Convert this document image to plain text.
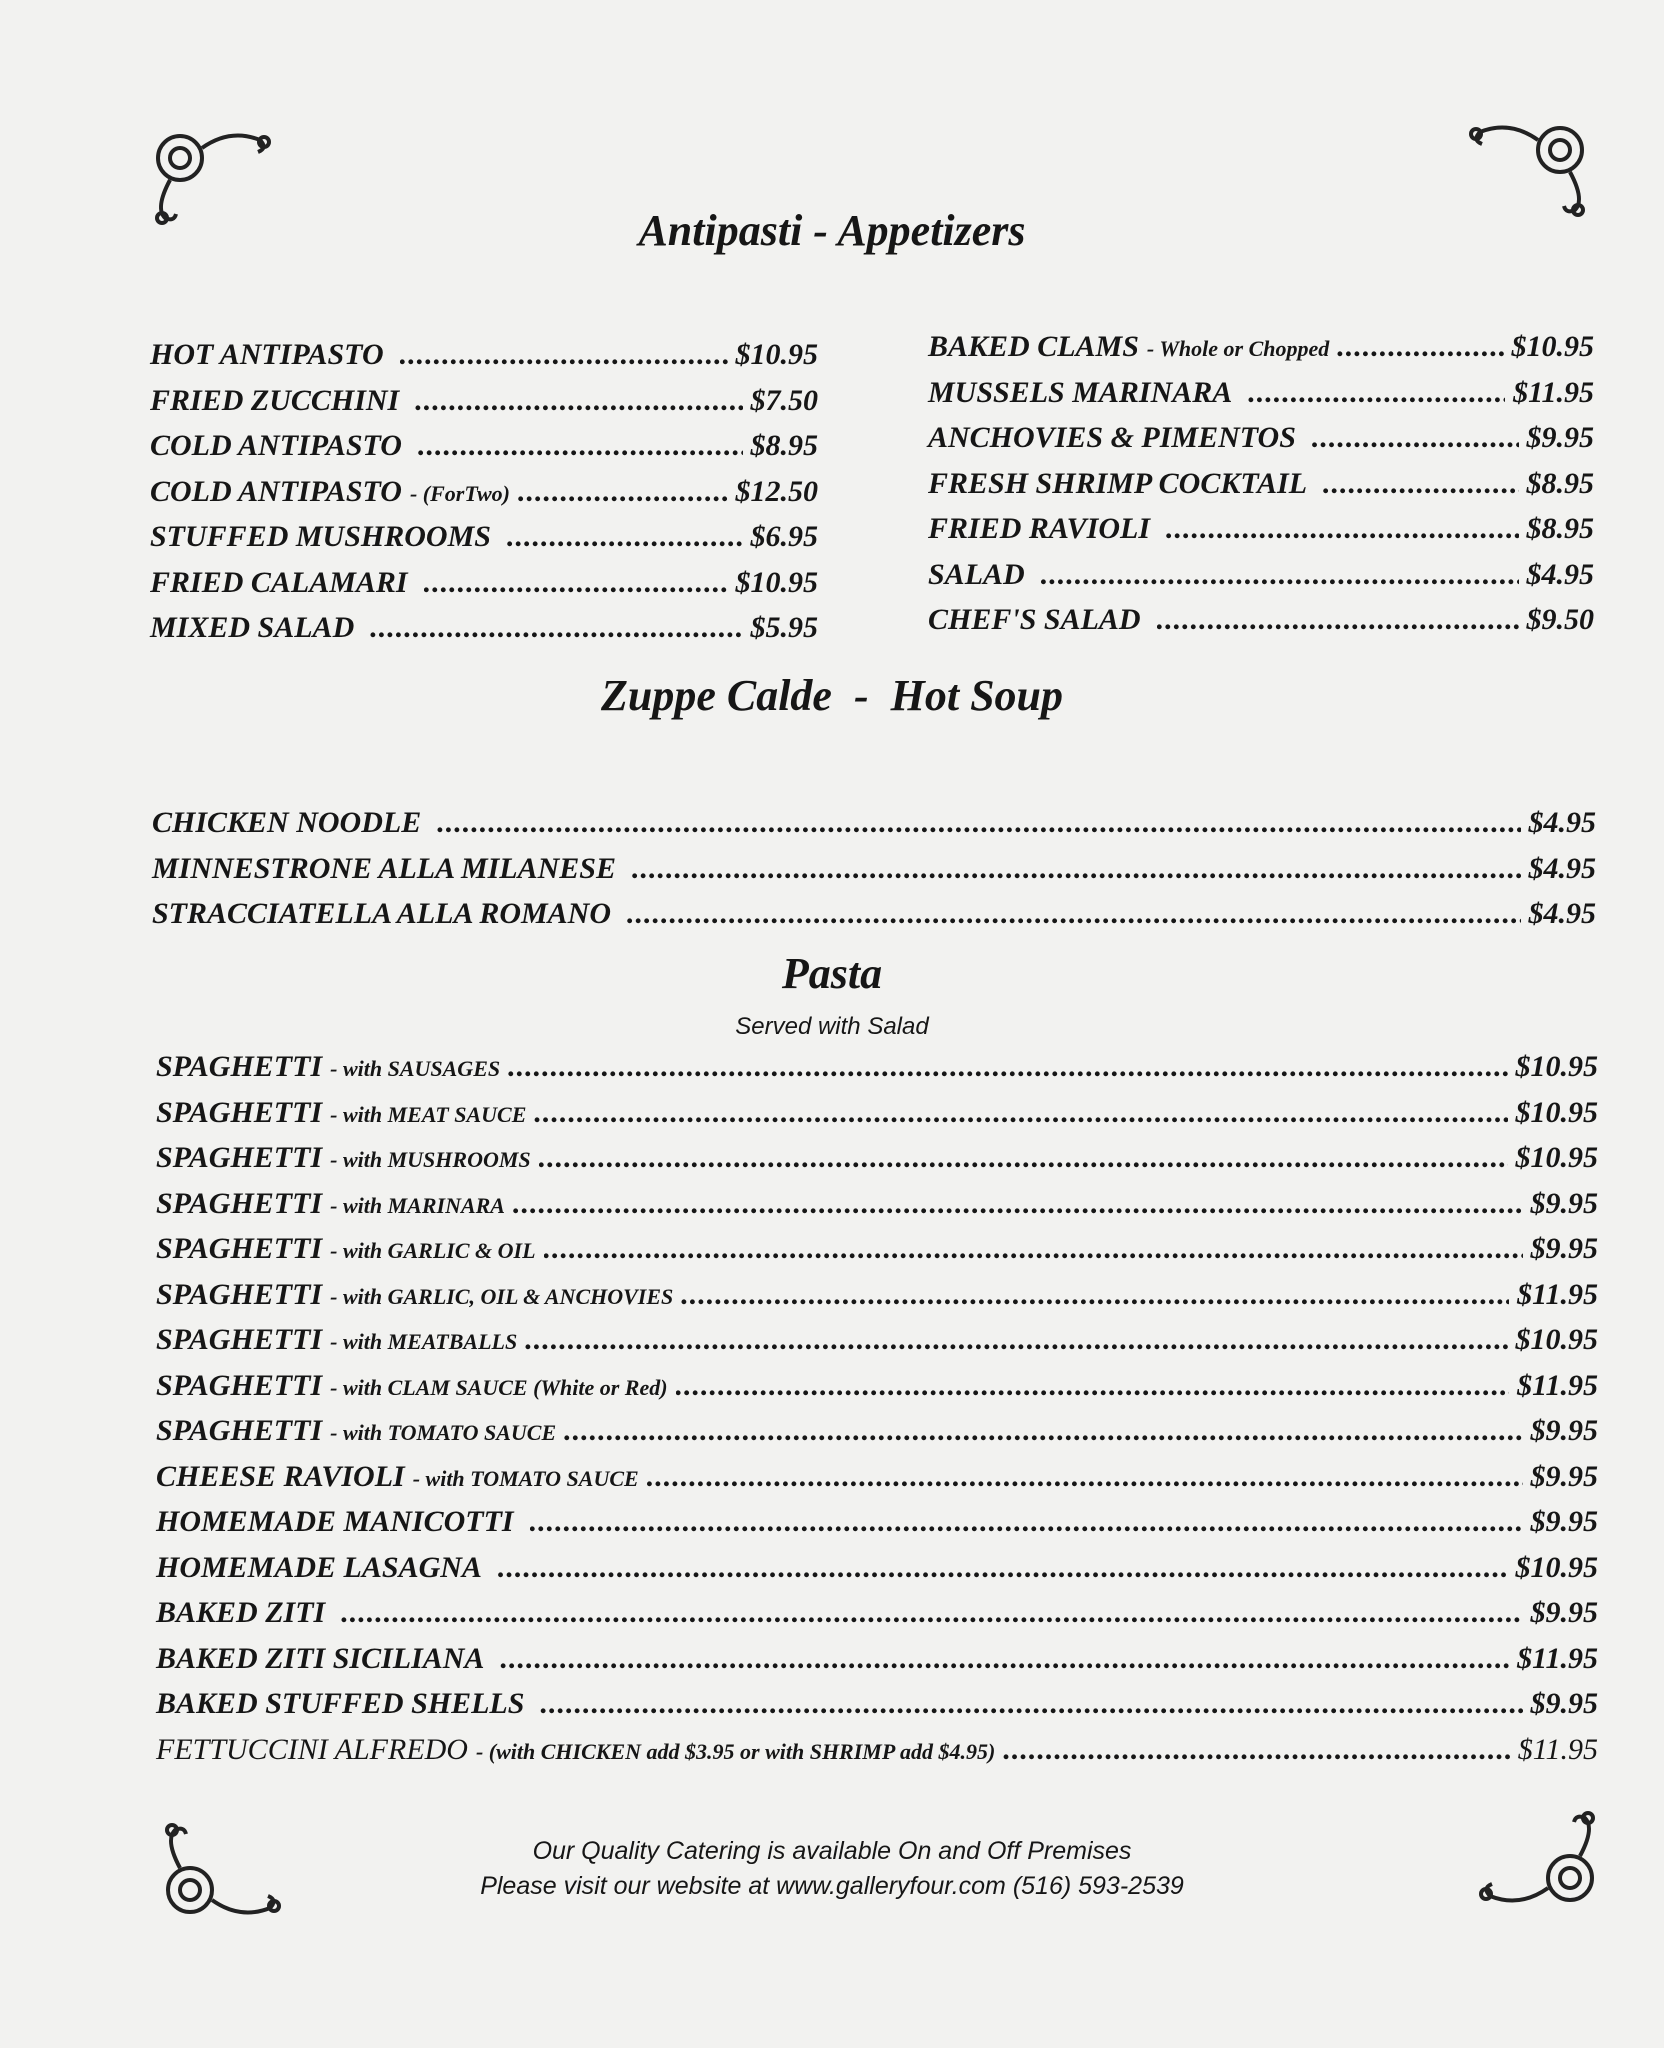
Antipasti - Appetizers
HOT ANTIPASTO .....	$10.95
FRIED ZUCCHINI .....	$7.50
COLD ANTIPASTO .....	$8.95
COLD ANTIPASTO - (ForTwo) .....	$12.50
STUFFED MUSHROOMS .....	$6.95
FRIED CALAMARI .....	$10.95
MIXED SALAD .....	$5.95
BAKED CLAMS - Whole or Chopped .....	$10.95
MUSSELS MARINARA .....	$11.95
ANCHOVIES & PIMENTOS .....	$9.95
FRESH SHRIMP COCKTAIL .....	$8.95
FRIED RAVIOLI .....	$8.95
SALAD .....	$4.95
CHEF'S SALAD .....	$9.50
Zuppe Calde  -  Hot Soup
CHICKEN NOODLE .....	$4.95
MINNESTRONE ALLA MILANESE .....	$4.95
STRACCIATELLA ALLA ROMANO .....	$4.95
Pasta
Served with Salad
SPAGHETTI - with SAUSAGES .....	$10.95
SPAGHETTI - with MEAT SAUCE .....	$10.95
SPAGHETTI - with MUSHROOMS .....	$10.95
SPAGHETTI - with MARINARA .....	$9.95
SPAGHETTI - with GARLIC & OIL .....	$9.95
SPAGHETTI - with GARLIC, OIL & ANCHOVIES .....	$11.95
SPAGHETTI - with MEATBALLS .....	$10.95
SPAGHETTI - with CLAM SAUCE (White or Red) .....	$11.95
SPAGHETTI - with TOMATO SAUCE .....	$9.95
CHEESE RAVIOLI - with TOMATO SAUCE .....	$9.95
HOMEMADE MANICOTTI .....	$9.95
HOMEMADE LASAGNA .....	$10.95
BAKED ZITI .....	$9.95
BAKED ZITI SICILIANA .....	$11.95
BAKED STUFFED SHELLS .....	$9.95
FETTUCCINI ALFREDO - (with CHICKEN add $3.95 or with SHRIMP add $4.95) .....	$11.95
Our Quality Catering is available On and Off Premises
Please visit our website at www.galleryfour.com (516) 593-2539
